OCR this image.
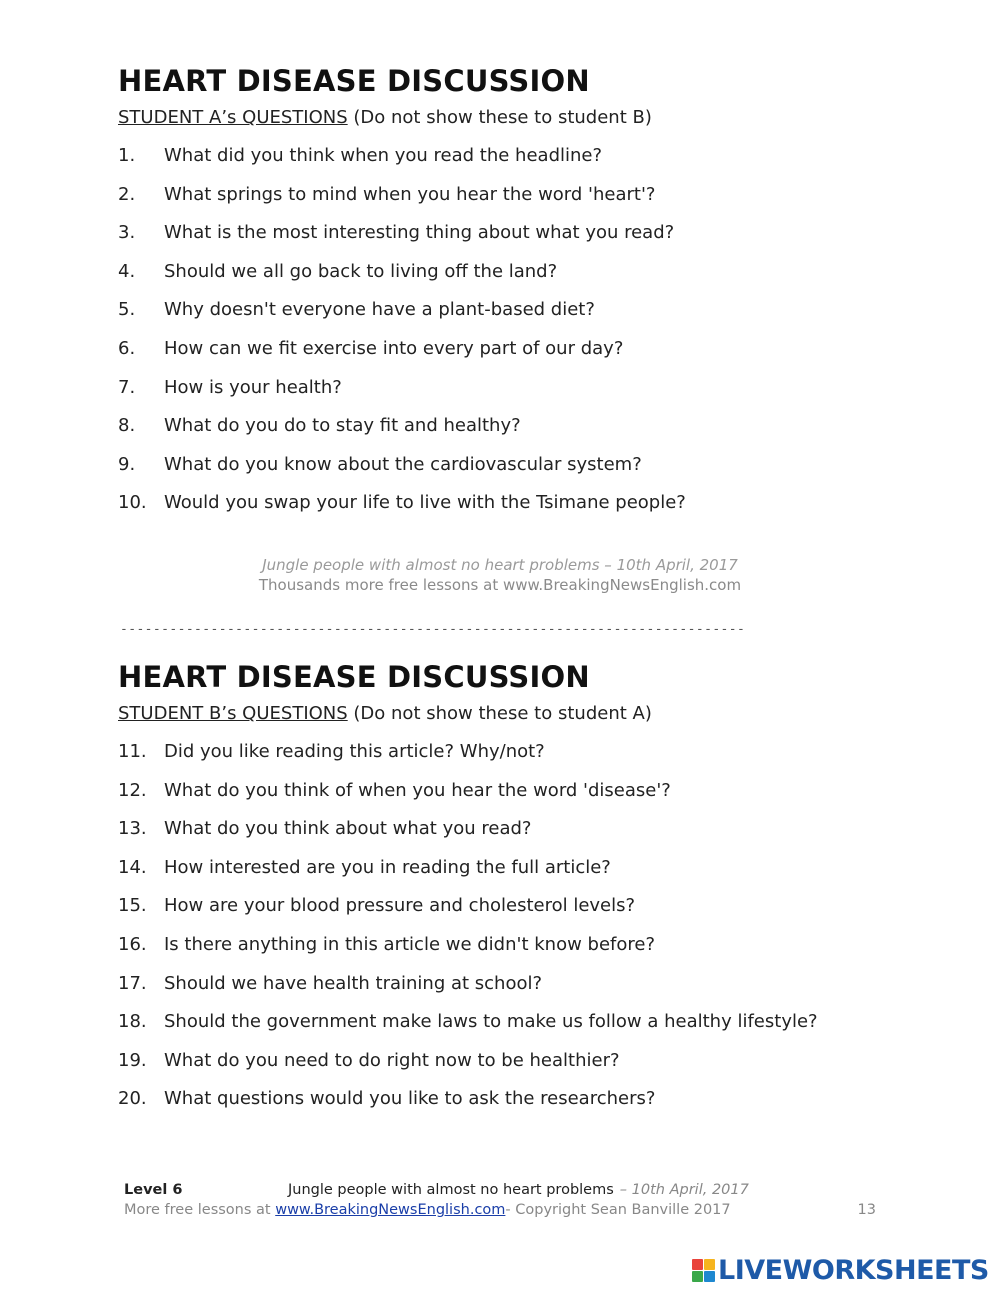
HEART DISEASE DISCUSSION
STUDENT A’s QUESTIONS (Do not show these to student B)
1.	What did you think when you read the headline?
2.	What springs to mind when you hear the word 'heart'?
3.	What is the most interesting thing about what you read?
4.	Should we all go back to living off the land?
5.	Why doesn't everyone have a plant-based diet?
6.	How can we fit exercise into every part of our day?
7.	How is your health?
8.	What do you do to stay fit and healthy?
9.	What do you know about the cardiovascular system?
10. Would you swap your life to live with the Tsimane people?
Jungle people with almost no heart problems – 10th April, 2017
Thousands more free lessons at www.BreakingNewsEnglish.com
----------------------------------------------------------------------------
HEART DISEASE DISCUSSION
STUDENT B’s QUESTIONS (Do not show these to student A)
11. Did you like reading this article? Why/not?
12. What do you think of when you hear the word 'disease'?
13. What do you think about what you read?
14. How interested are you in reading the full article?
15. How are your blood pressure and cholesterol levels?
16. Is there anything in this article we didn't know before?
17. Should we have health training at school?
18. Should the government make laws to make us follow a healthy lifestyle?
19. What do you need to do right now to be healthier?
20. What questions would you like to ask the researchers?
Level 6	Jungle people with almost no heart problems – 10th April, 2017
More free lessons at
www.BreakingNewsEnglish.com - Copyright Sean Banville 2017	13
LIVEWORKSHEETS
